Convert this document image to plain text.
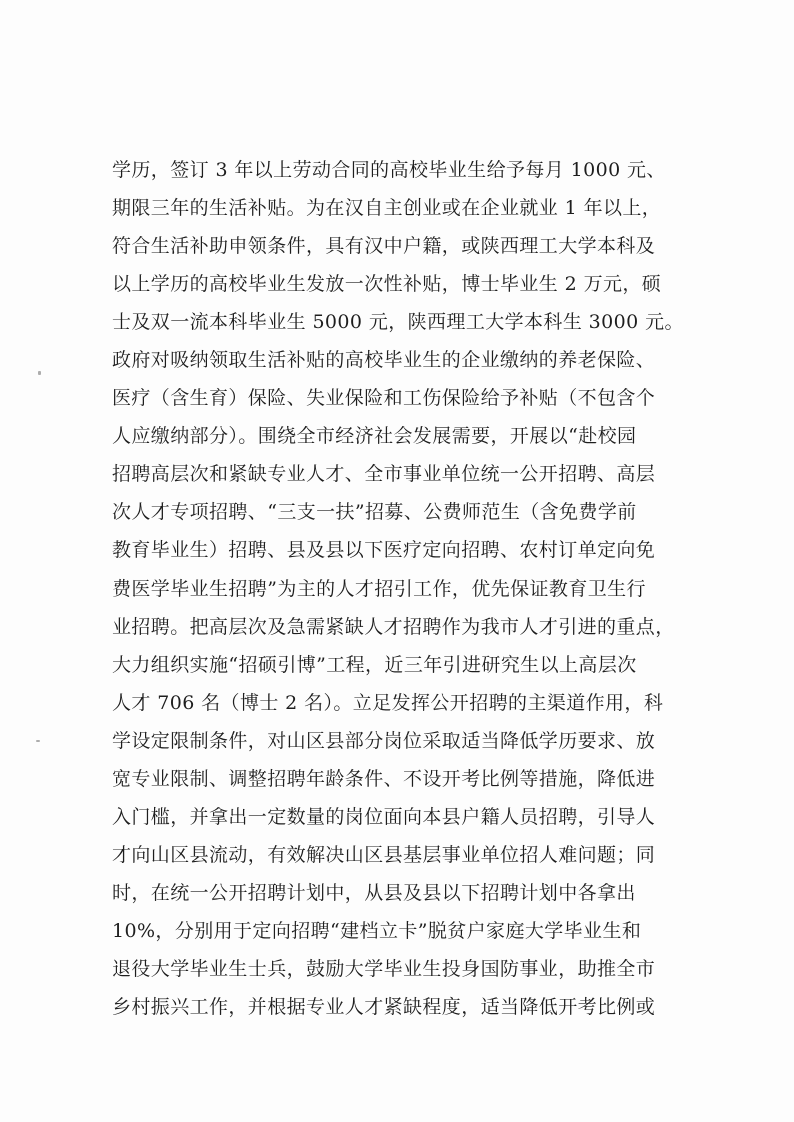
学历，签订 3 年以上劳动合同的高校毕业生给予每月 1000 元、
期限三年的生活补贴。为在汉自主创业或在企业就业 1 年以上，
符合生活补助申领条件，具有汉中户籍，或陕西理工大学本科及
以上学历的高校毕业生发放一次性补贴，博士毕业生 2 万元，硕
士及双一流本科毕业生 5000 元，陕西理工大学本科生 3000 元。
政府对吸纳领取生活补贴的高校毕业生的企业缴纳的养老保险、
医疗（含生育）保险、失业保险和工伤保险给予补贴（不包含个
人应缴纳部分）。围绕全市经济社会发展需要，开展以“赴校园
招聘高层次和紧缺专业人才、全市事业单位统一公开招聘、高层
次人才专项招聘、“三支一扶”招募、公费师范生（含免费学前
教育毕业生）招聘、县及县以下医疗定向招聘、农村订单定向免
费医学毕业生招聘”为主的人才招引工作，优先保证教育卫生行
业招聘。把高层次及急需紧缺人才招聘作为我市人才引进的重点，
大力组织实施“招硕引博”工程，近三年引进研究生以上高层次
人才 706 名（博士 2 名）。立足发挥公开招聘的主渠道作用，科
学设定限制条件，对山区县部分岗位采取适当降低学历要求、放
宽专业限制、调整招聘年龄条件、不设开考比例等措施，降低进
入门槛，并拿出一定数量的岗位面向本县户籍人员招聘，引导人
才向山区县流动，有效解决山区县基层事业单位招人难问题；同
时，在统一公开招聘计划中，从县及县以下招聘计划中各拿出
10%，分别用于定向招聘“建档立卡”脱贫户家庭大学毕业生和
退役大学毕业生士兵，鼓励大学毕业生投身国防事业，助推全市
乡村振兴工作，并根据专业人才紧缺程度，适当降低开考比例或
